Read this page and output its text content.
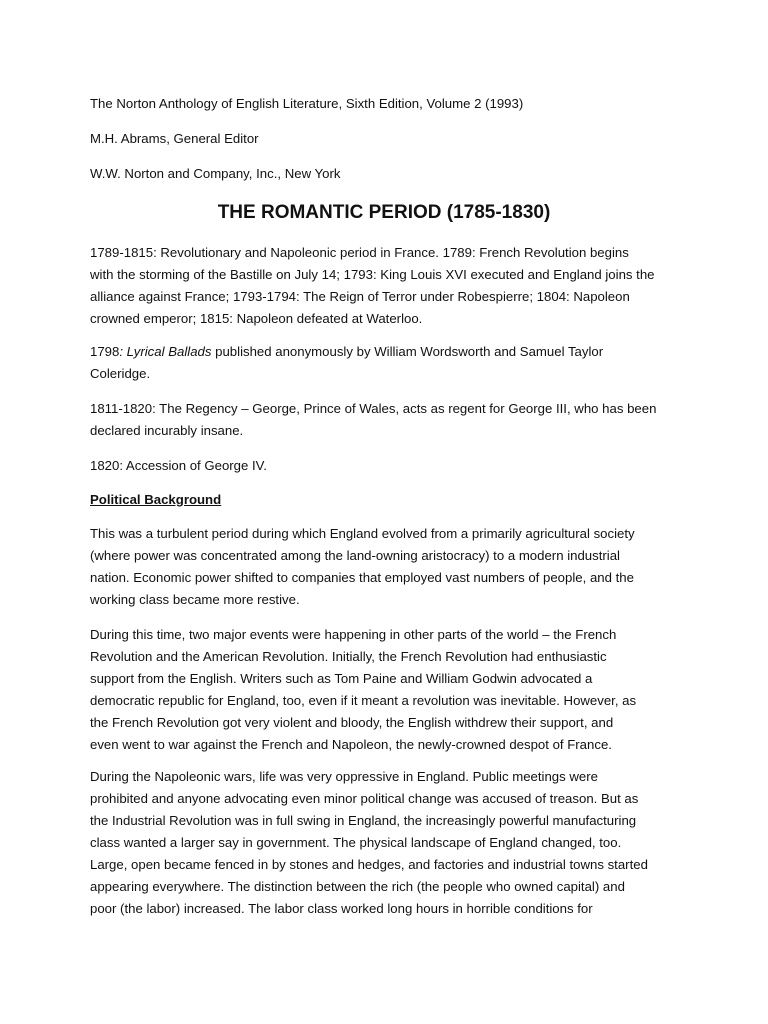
The Norton Anthology of English Literature, Sixth Edition, Volume 2 (1993)
M.H. Abrams, General Editor
W.W. Norton and Company, Inc., New York
THE ROMANTIC PERIOD (1785-1830)
1789-1815: Revolutionary and Napoleonic period in France. 1789: French Revolution begins
with the storming of the Bastille on July 14; 1793: King Louis XVI executed and England joins the
alliance against France; 1793-1794: The Reign of Terror under Robespierre; 1804: Napoleon
crowned emperor; 1815: Napoleon defeated at Waterloo.
1798: Lyrical Ballads published anonymously by William Wordsworth and Samuel Taylor
Coleridge.
1811-1820: The Regency – George, Prince of Wales, acts as regent for George III, who has been
declared incurably insane.
1820: Accession of George IV.
Political Background
This was a turbulent period during which England evolved from a primarily agricultural society
(where power was concentrated among the land-owning aristocracy) to a modern industrial
nation. Economic power shifted to companies that employed vast numbers of people, and the
working class became more restive.
During this time, two major events were happening in other parts of the world – the French
Revolution and the American Revolution. Initially, the French Revolution had enthusiastic
support from the English. Writers such as Tom Paine and William Godwin advocated a
democratic republic for England, too, even if it meant a revolution was inevitable. However, as
the French Revolution got very violent and bloody, the English withdrew their support, and
even went to war against the French and Napoleon, the newly-crowned despot of France.
During the Napoleonic wars, life was very oppressive in England. Public meetings were
prohibited and anyone advocating even minor political change was accused of treason. But as
the Industrial Revolution was in full swing in England, the increasingly powerful manufacturing
class wanted a larger say in government. The physical landscape of England changed, too.
Large, open became fenced in by stones and hedges, and factories and industrial towns started
appearing everywhere. The distinction between the rich (the people who owned capital) and
poor (the labor) increased. The labor class worked long hours in horrible conditions for
